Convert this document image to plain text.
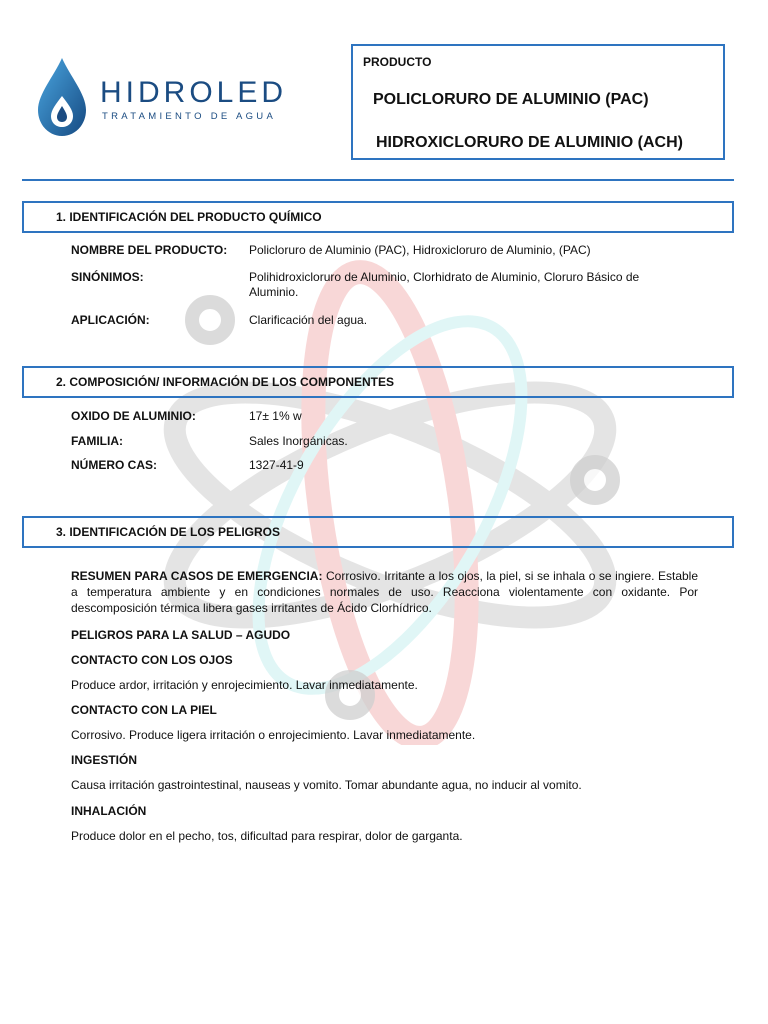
HIDROLED
TRATAMIENTO DE AGUA
PRODUCTO
POLICLORURO DE ALUMINIO (PAC)
HIDROXICLORURO DE ALUMINIO (ACH)
1. IDENTIFICACIÓN DEL PRODUCTO QUÍMICO
NOMBRE DEL PRODUCTO:	Policloruro de Aluminio (PAC), Hidroxicloruro de Aluminio, (PAC)
SINÓNIMOS:	Polihidroxicloruro de Aluminio, Clorhidrato de Aluminio, Cloruro Básico de Aluminio.
APLICACIÓN:	Clarificación del agua.
2. COMPOSICIÓN/ INFORMACIÓN DE LOS COMPONENTES
OXIDO DE ALUMINIO:	17± 1% w
FAMILIA:	Sales Inorgánicas.
NÚMERO CAS:	1327-41-9
3. IDENTIFICACIÓN DE LOS PELIGROS
RESUMEN PARA CASOS DE EMERGENCIA: Corrosivo. Irritante a los ojos, la piel, si se inhala o se ingiere. Estable a temperatura ambiente y en condiciones normales de uso. Reacciona violentamente con oxidante. Por descomposición térmica libera gases irritantes de Ácido Clorhídrico.
PELIGROS PARA LA SALUD – AGUDO
CONTACTO CON LOS OJOS
Produce ardor, irritación y enrojecimiento. Lavar inmediatamente.
CONTACTO CON LA PIEL
Corrosivo. Produce ligera irritación o enrojecimiento. Lavar inmediatamente.
INGESTIÓN
Causa irritación gastrointestinal, nauseas y vomito. Tomar abundante agua, no inducir al vomito.
INHALACIÓN
Produce dolor en el pecho, tos, dificultad para respirar, dolor de garganta.
